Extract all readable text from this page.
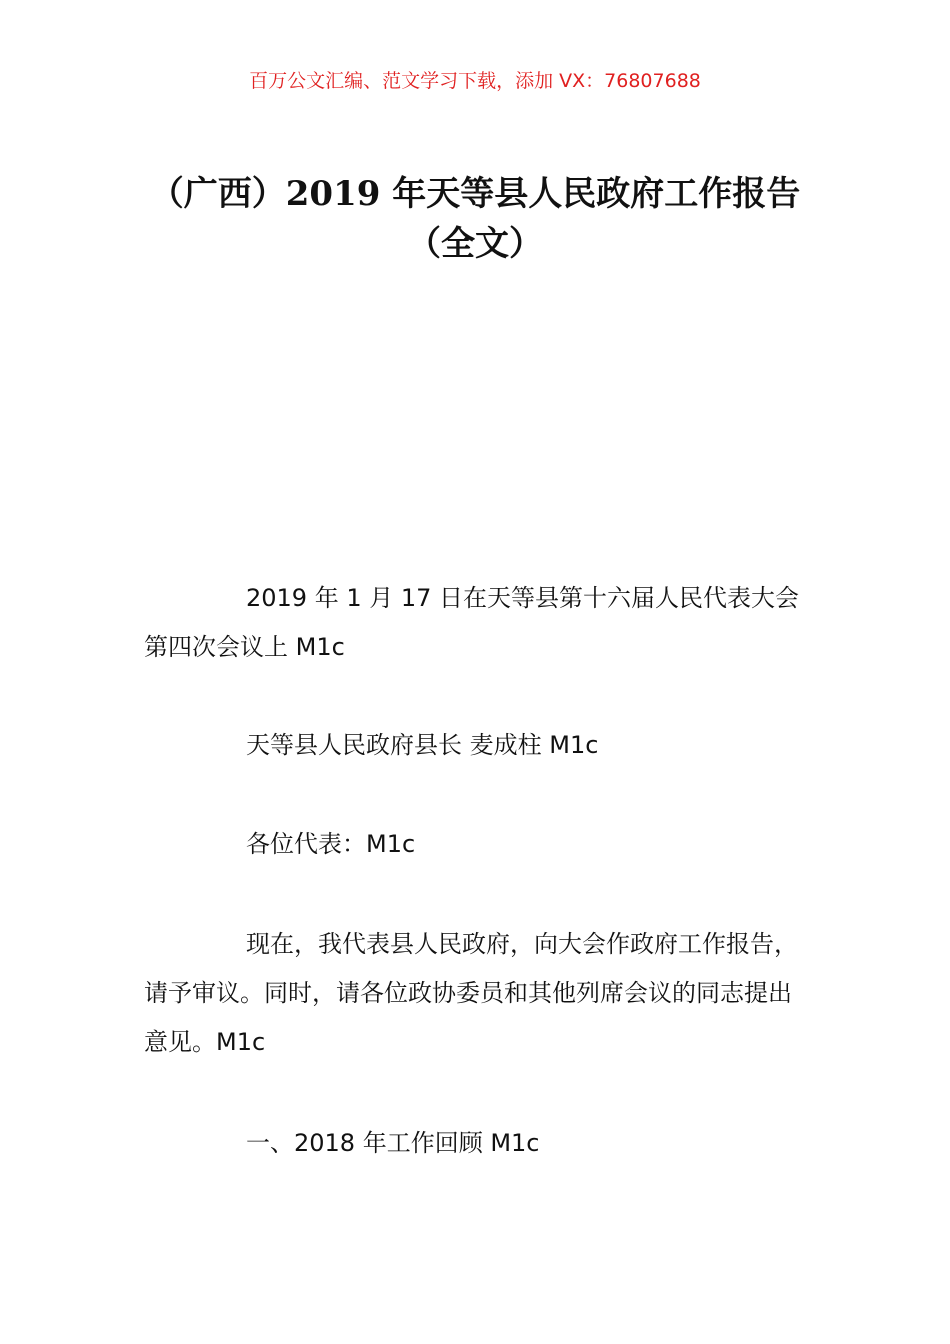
百万公文汇编、范文学习下载，添加 VX：76807688
（广西）2019 年天等县人民政府工作报告
（全文）

2019 年 1 月 17 日在天等县第十六届人民代表大会第四次会议上 M1c

天等县人民政府县长 麦成柱 M1c

各位代表：M1c

现在，我代表县人民政府，向大会作政府工作报告，请予审议。同时，请各位政协委员和其他列席会议的同志提出意见。M1c

一、2018 年工作回顾 M1c
